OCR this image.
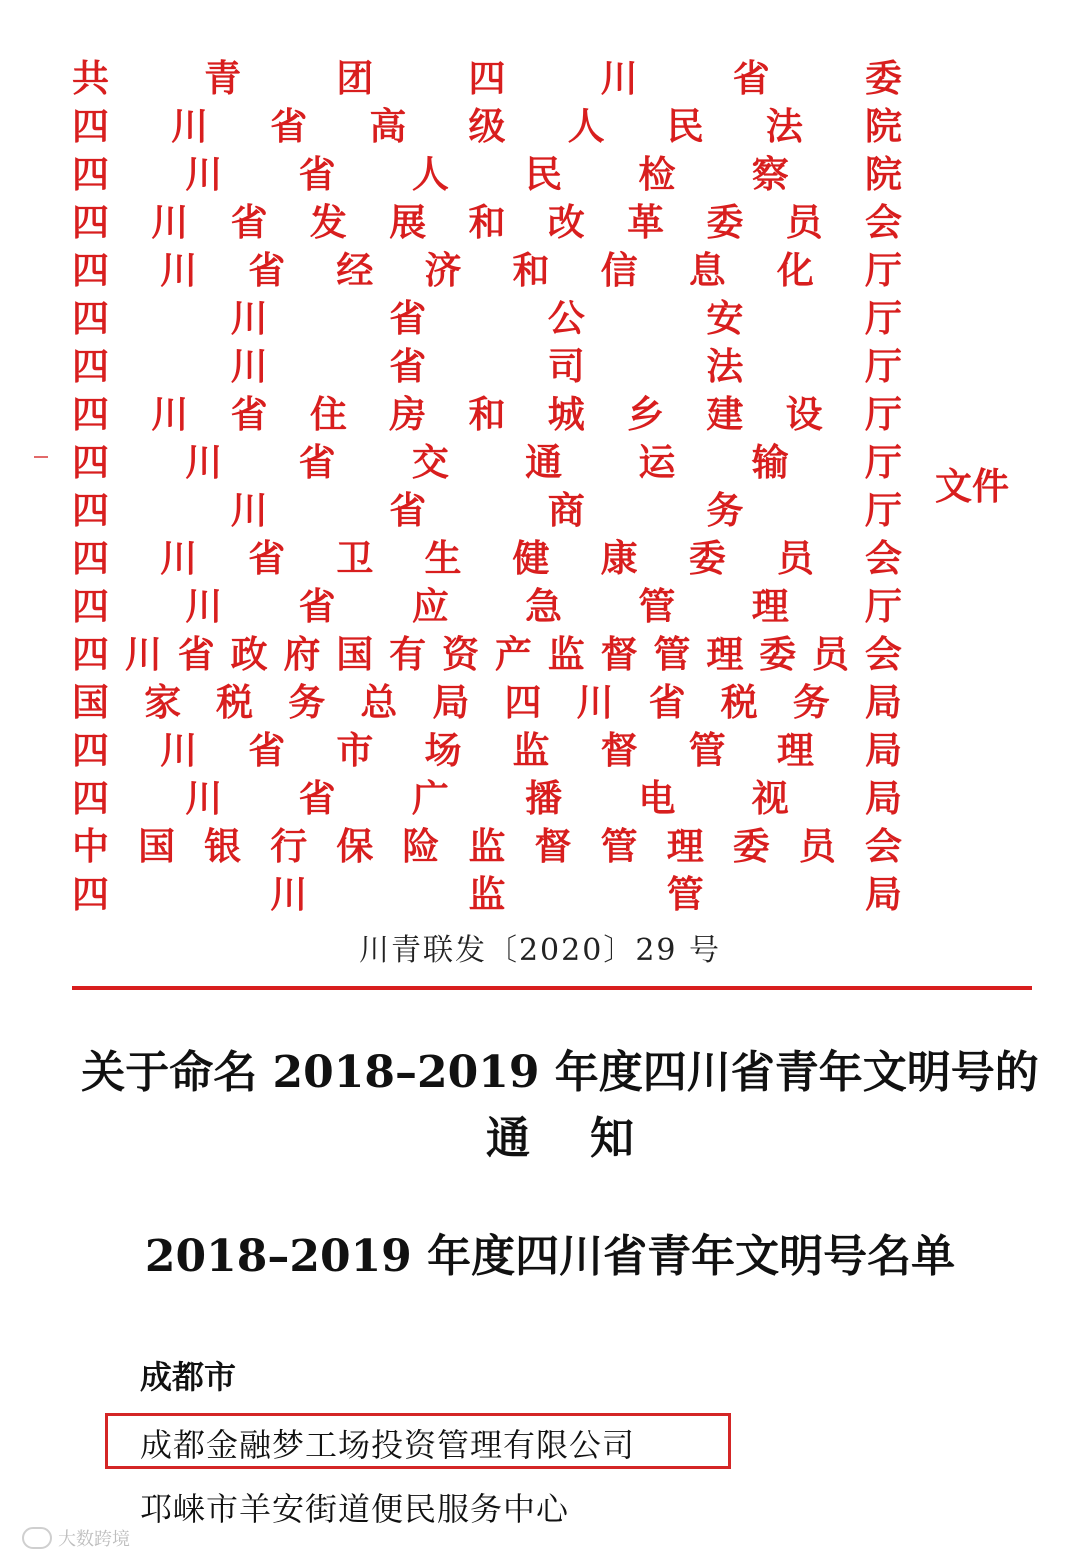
共	青	团	四	川	省	委
四 川 省 高 级 人 民 法 院
四 川 省 人 民 检 察 院
四 川 省 发 展 和 改 革 委 员 会
四 川 省 经 济 和 信 息 化 厅
四	川	省	公	安	厅
四	川	省	司	法	厅
四 川 省 住 房 和 城 乡 建 设 厅
四 川 省 交 通 运 输 厅
四	川	省	商	务	厅
四 川 省 卫 生 健 康 委 员 会
四 川 省 应 急 管 理 厅
四 川 省 政 府 国 有 资 产 监 督 管 理 委 员 会
国 家 税 务 总 局 四 川 省 税 务 局
四 川 省 市 场 监 督 管 理 局
四 川 省 广 播 电 视 局
中 国 银 行 保 险 监 督 管 理 委 员 会
四	川	监	管	局
文件
川青联发〔2020〕29 号
关于命名 2018–2019 年度四川省青年文明号的
通 知
2018–2019 年度四川省青年文明号名单
成都市
成都金融梦工场投资管理有限公司
邛崃市羊安街道便民服务中心
大数跨境
